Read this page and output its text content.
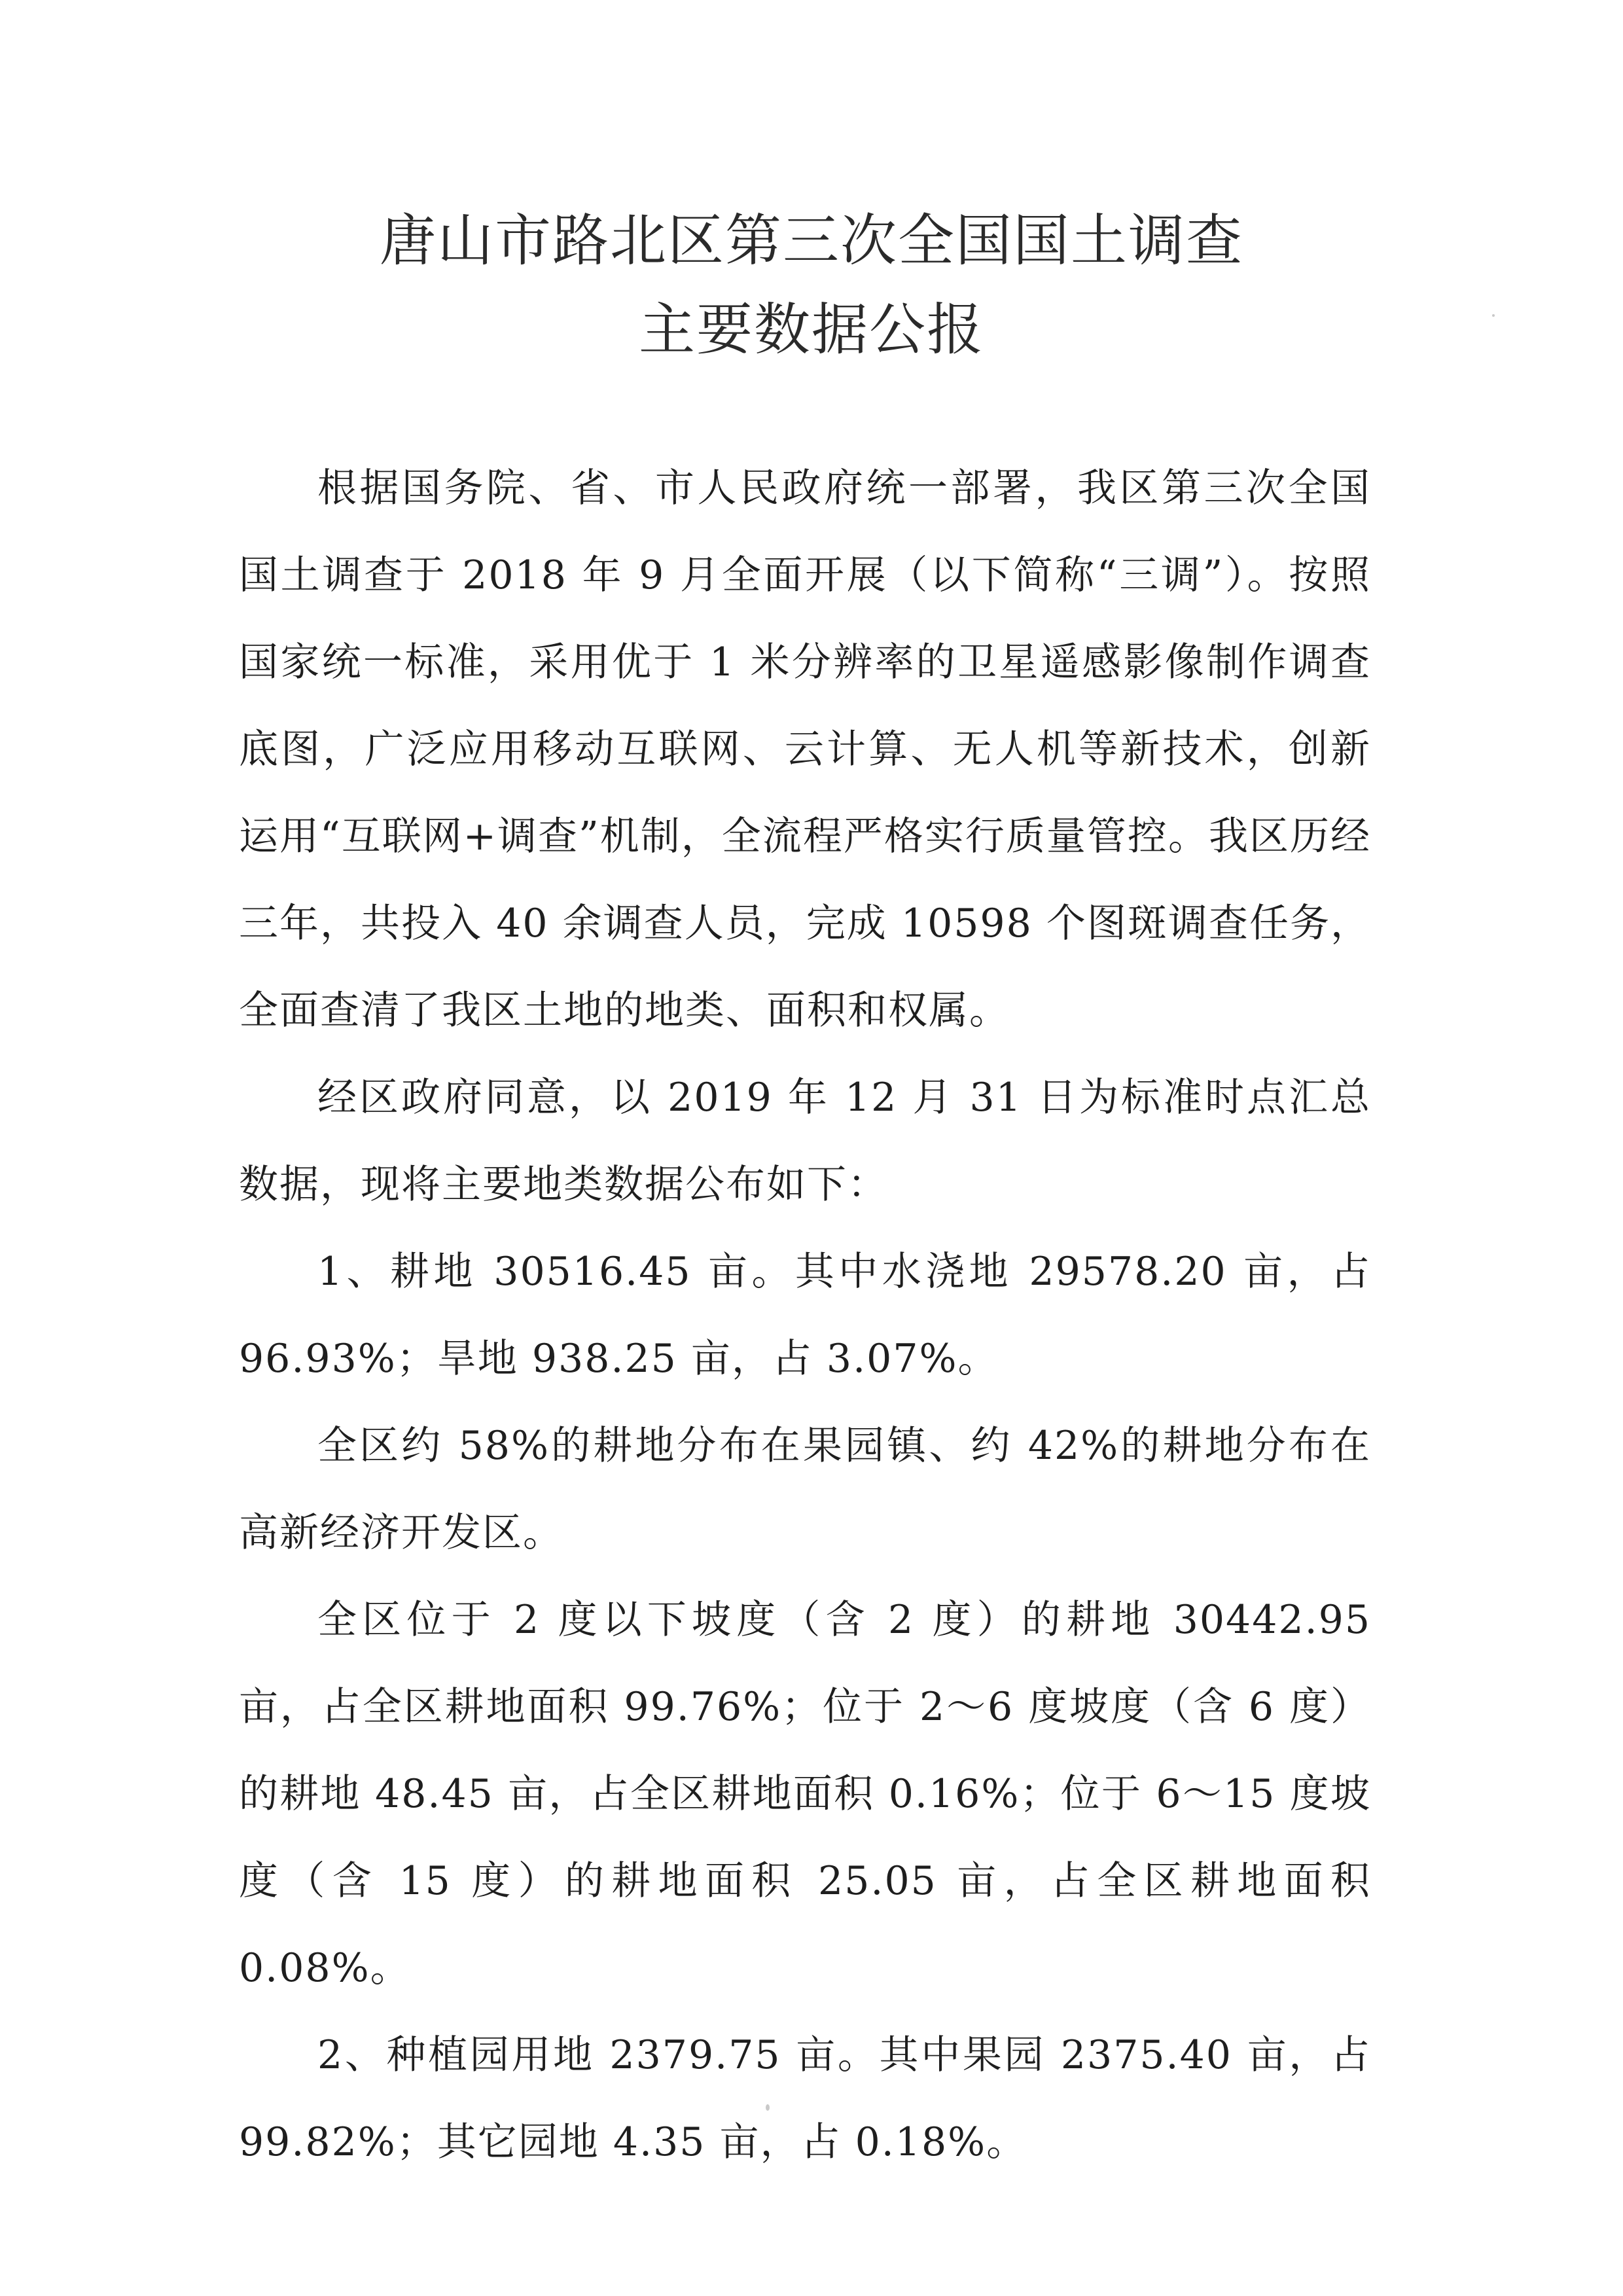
唐山市路北区第三次全国国土调查
主要数据公报

根据国务院、省、市人民政府统一部署，我区第三次全国国土调查于 2018 年 9 月全面开展（以下简称“三调”）。按照国家统一标准，采用优于 1 米分辨率的卫星遥感影像制作调查底图，广泛应用移动互联网、云计算、无人机等新技术，创新运用“互联网+调查”机制，全流程严格实行质量管控。我区历经三年，共投入 40 余调查人员，完成 10598 个图斑调查任务，全面查清了我区土地的地类、面积和权属。

经区政府同意，以 2019 年 12 月 31 日为标准时点汇总数据，现将主要地类数据公布如下：

1、耕地 30516.45 亩。其中水浇地 29578.20 亩，占 96.93%；旱地 938.25 亩，占 3.07%。

全区约 58%的耕地分布在果园镇、约 42%的耕地分布在高新经济开发区。

全区位于 2 度以下坡度（含 2 度）的耕地 30442.95 亩，占全区耕地面积 99.76%；位于 2～6 度坡度（含 6 度）的耕地 48.45 亩，占全区耕地面积 0.16%；位于 6～15 度坡度（含 15 度）的耕地面积 25.05 亩，占全区耕地面积 0.08%。

2、种植园用地 2379.75 亩。其中果园 2375.40 亩，占 99.82%；其它园地 4.35 亩，占 0.18%。
